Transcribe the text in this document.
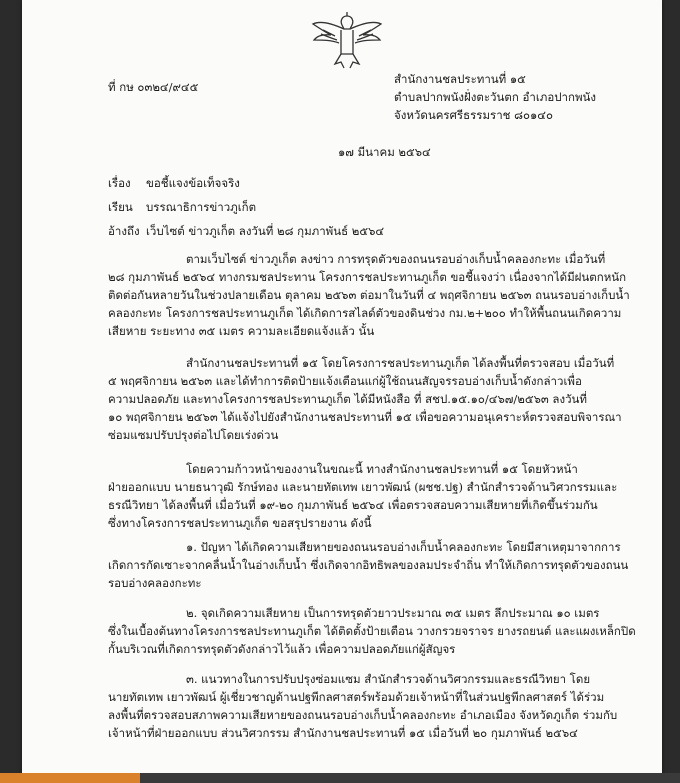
ที่ กษ ๐๓๒๔/๙๔๕
สำนักงานชลประทานที่ ๑๕
ตำบลปากพนังฝั่งตะวันตก อำเภอปากพนัง
จังหวัดนครศรีธรรมราช ๘๐๑๔๐
๑๗ มีนาคม ๒๕๖๔
เรื่อง ขอชี้แจงข้อเท็จจริง
เรียน บรรณาธิการข่าวภูเก็ต
อ้างถึง เว็บไซต์ ข่าวภูเก็ต ลงวันที่ ๒๘ กุมภาพันธ์ ๒๕๖๔
ตามเว็บไซต์ ข่าวภูเก็ต ลงข่าว การทรุดตัวของถนนรอบอ่างเก็บน้ำคลองกะทะ เมื่อวันที่
๒๘ กุมภาพันธ์ ๒๕๖๔ ทางกรมชลประทาน โครงการชลประทานภูเก็ต ขอชี้แจงว่า เนื่องจากได้มีฝนตกหนัก
ติดต่อกันหลายวันในช่วงปลายเดือน ตุลาคม ๒๕๖๓ ต่อมาในวันที่ ๔ พฤศจิกายน ๒๕๖๓ ถนนรอบอ่างเก็บน้ำ
คลองกะทะ โครงการชลประทานภูเก็ต ได้เกิดการสไลด์ตัวของดินช่วง กม.๒+๒๐๐ ทำให้พื้นถนนเกิดความ
เสียหาย ระยะทาง ๓๕ เมตร ความละเอียดแจ้งแล้ว นั้น
สำนักงานชลประทานที่ ๑๕ โดยโครงการชลประทานภูเก็ต ได้ลงพื้นที่ตรวจสอบ เมื่อวันที่
๕ พฤศจิกายน ๒๕๖๓ และได้ทำการติดป้ายแจ้งเตือนแก่ผู้ใช้ถนนสัญจรรอบอ่างเก็บน้ำดังกล่าวเพื่อ
ความปลอดภัย และทางโครงการชลประทานภูเก็ต ได้มีหนังสือ ที่ สชป.๑๕.๑๐/๔๖๗/๒๕๖๓ ลงวันที่
๑๐ พฤศจิกายน ๒๕๖๓ ได้แจ้งไปยังสำนักงานชลประทานที่ ๑๕ เพื่อขอความอนุเคราะห์ตรวจสอบพิจารณา
ซ่อมแซมปรับปรุงต่อไปโดยเร่งด่วน
โดยความก้าวหน้าของงานในขณะนี้ ทางสำนักงานชลประทานที่ ๑๕ โดยหัวหน้า
ฝ่ายออกแบบ นายธนาวุฒิ รักษ์ทอง และนายทัตเทพ เยาวพัฒน์ (ผชช.ปฐ) สำนักสำรวจด้านวิศวกรรมและ
ธรณีวิทยา ได้ลงพื้นที่ เมื่อวันที่ ๑๙-๒๐ กุมภาพันธ์ ๒๕๖๔ เพื่อตรวจสอบความเสียหายที่เกิดขึ้นร่วมกัน
ซึ่งทางโครงการชลประทานภูเก็ต ขอสรุปรายงาน ดังนี้
๑. ปัญหา ได้เกิดความเสียหายของถนนรอบอ่างเก็บน้ำคลองกะทะ โดยมีสาเหตุมาจากการ
เกิดการกัดเซาะจากคลื่นน้ำในอ่างเก็บน้ำ ซึ่งเกิดจากอิทธิพลของลมประจำถิ่น ทำให้เกิดการทรุดตัวของถนน
รอบอ่างคลองกะทะ
๒. จุดเกิดความเสียหาย เป็นการทรุดตัวยาวประมาณ ๓๕ เมตร ลึกประมาณ ๑๐ เมตร
ซึ่งในเบื้องต้นทางโครงการชลประทานภูเก็ต ได้ติดตั้งป้ายเตือน วางกรวยจราจร ยางรถยนต์ และแผงเหล็กปิด
กั้นบริเวณที่เกิดการทรุดตัวดังกล่าวไว้แล้ว เพื่อความปลอดภัยแก่ผู้สัญจร
๓. แนวทางในการปรับปรุงซ่อมแซม สำนักสำรวจด้านวิศวกรรมและธรณีวิทยา โดย
นายทัตเทพ เยาวพัฒน์ ผู้เชี่ยวชาญด้านปฐพีกลศาสตร์พร้อมด้วยเจ้าหน้าที่ในส่วนปฐพีกลศาสตร์ ได้ร่วม
ลงพื้นที่ตรวจสอบสภาพความเสียหายของถนนรอบอ่างเก็บน้ำคลองกะทะ อำเภอเมือง จังหวัดภูเก็ต ร่วมกับ
เจ้าหน้าที่ฝ่ายออกแบบ ส่วนวิศวกรรม สำนักงานชลประทานที่ ๑๕ เมื่อวันที่ ๒๐ กุมภาพันธ์ ๒๕๖๔
